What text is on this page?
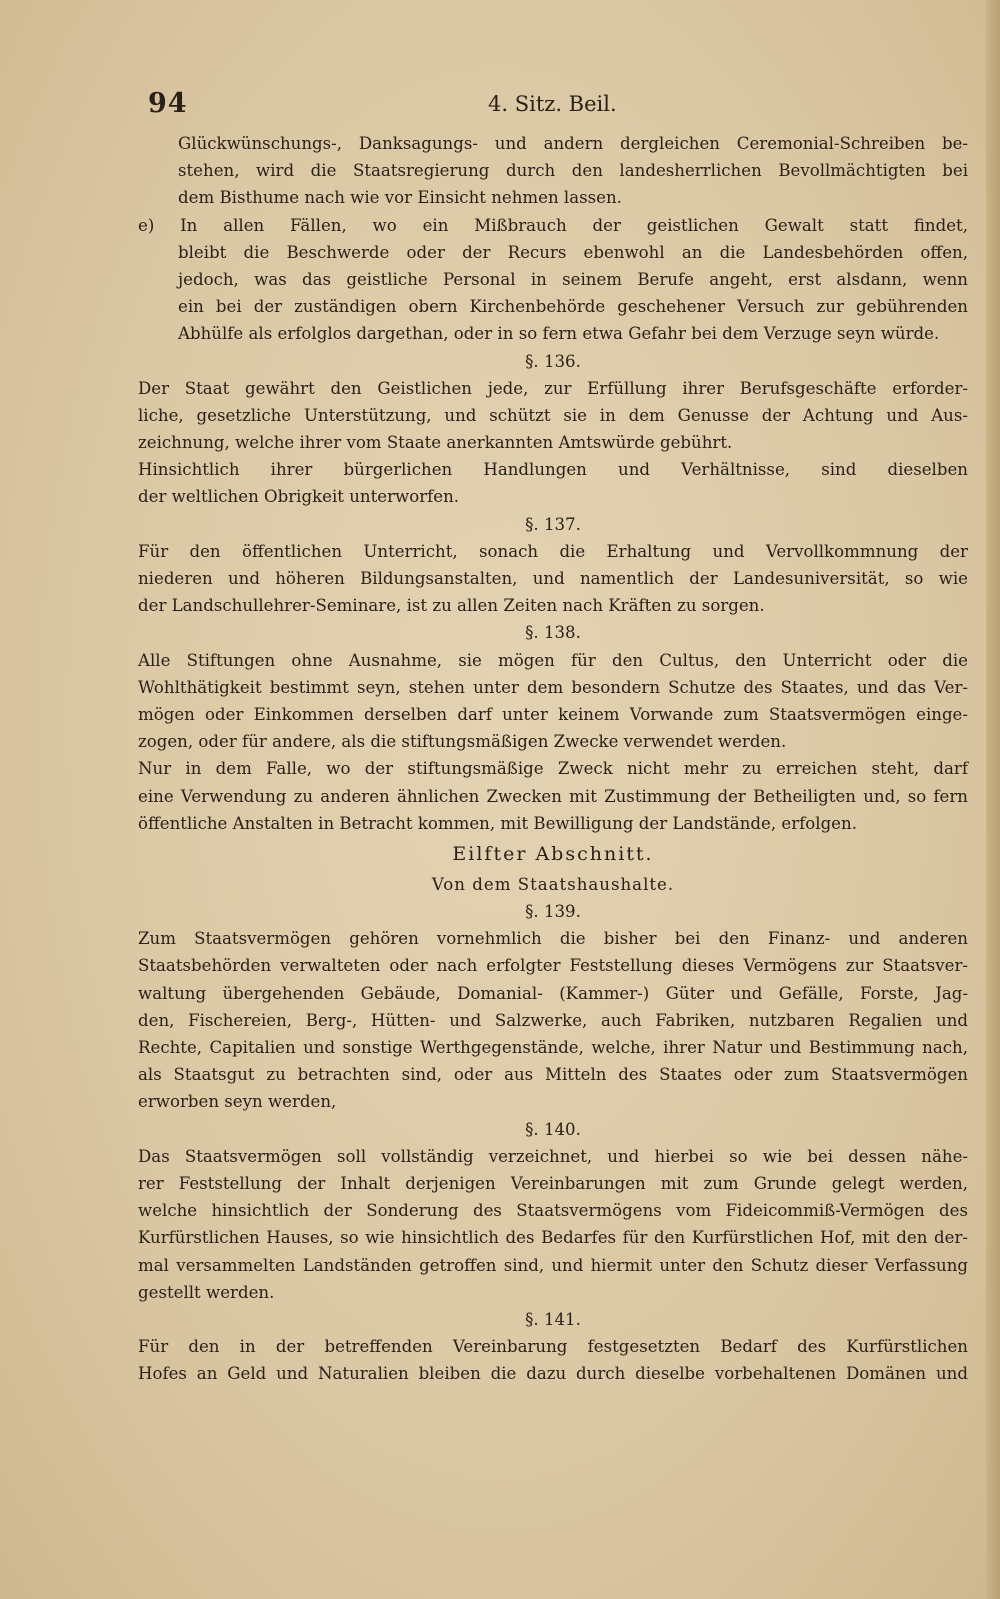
94	4. Sitz. Beil.
Glückwünschungs-, Danksagungs- und andern dergleichen Ceremonial-Schreiben be-
stehen, wird die Staatsregierung durch den landesherrlichen Bevollmächtigten bei
dem Bisthume nach wie vor Einsicht nehmen lassen.
e) In allen Fällen, wo ein Mißbrauch der geistlichen Gewalt statt findet,
bleibt die Beschwerde oder der Recurs ebenwohl an die Landesbehörden offen,
jedoch, was das geistliche Personal in seinem Berufe angeht, erst alsdann, wenn
ein bei der zuständigen obern Kirchenbehörde geschehener Versuch zur gebührenden
Abhülfe als erfolglos dargethan, oder in so fern etwa Gefahr bei dem Verzuge seyn würde.
§. 136.
Der Staat gewährt den Geistlichen jede, zur Erfüllung ihrer Berufsgeschäfte erforder-
liche, gesetzliche Unterstützung, und schützt sie in dem Genusse der Achtung und Aus-
zeichnung, welche ihrer vom Staate anerkannten Amtswürde gebührt.
Hinsichtlich ihrer bürgerlichen Handlungen und Verhältnisse, sind dieselben
der weltlichen Obrigkeit unterworfen.
§. 137.
Für den öffentlichen Unterricht, sonach die Erhaltung und Vervollkommnung der
niederen und höheren Bildungsanstalten, und namentlich der Landesuniversität, so wie
der Landschullehrer-Seminare, ist zu allen Zeiten nach Kräften zu sorgen.
§. 138.
Alle Stiftungen ohne Ausnahme, sie mögen für den Cultus, den Unterricht oder die
Wohlthätigkeit bestimmt seyn, stehen unter dem besondern Schutze des Staates, und das Ver-
mögen oder Einkommen derselben darf unter keinem Vorwande zum Staatsvermögen einge-
zogen, oder für andere, als die stiftungsmäßigen Zwecke verwendet werden.
Nur in dem Falle, wo der stiftungsmäßige Zweck nicht mehr zu erreichen steht, darf
eine Verwendung zu anderen ähnlichen Zwecken mit Zustimmung der Betheiligten und, so fern
öffentliche Anstalten in Betracht kommen, mit Bewilligung der Landstände, erfolgen.
Eilfter Abschnitt.
Von dem Staatshaushalte.
§. 139.
Zum Staatsvermögen gehören vornehmlich die bisher bei den Finanz- und anderen
Staatsbehörden verwalteten oder nach erfolgter Feststellung dieses Vermögens zur Staatsver-
waltung übergehenden Gebäude, Domanial- (Kammer-) Güter und Gefälle, Forste, Jag-
den, Fischereien, Berg-, Hütten- und Salzwerke, auch Fabriken, nutzbaren Regalien und
Rechte, Capitalien und sonstige Werthgegenstände, welche, ihrer Natur und Bestimmung nach,
als Staatsgut zu betrachten sind, oder aus Mitteln des Staates oder zum Staatsvermögen
erworben seyn werden,
§. 140.
Das Staatsvermögen soll vollständig verzeichnet, und hierbei so wie bei dessen nähe-
rer Feststellung der Inhalt derjenigen Vereinbarungen mit zum Grunde gelegt werden,
welche hinsichtlich der Sonderung des Staatsvermögens vom Fideicommiß-Vermögen des
Kurfürstlichen Hauses, so wie hinsichtlich des Bedarfes für den Kurfürstlichen Hof, mit den der-
mal versammelten Landständen getroffen sind, und hiermit unter den Schutz dieser Verfassung
gestellt werden.
§. 141.
Für den in der betreffenden Vereinbarung festgesetzten Bedarf des Kurfürstlichen
Hofes an Geld und Naturalien bleiben die dazu durch dieselbe vorbehaltenen Domänen und
